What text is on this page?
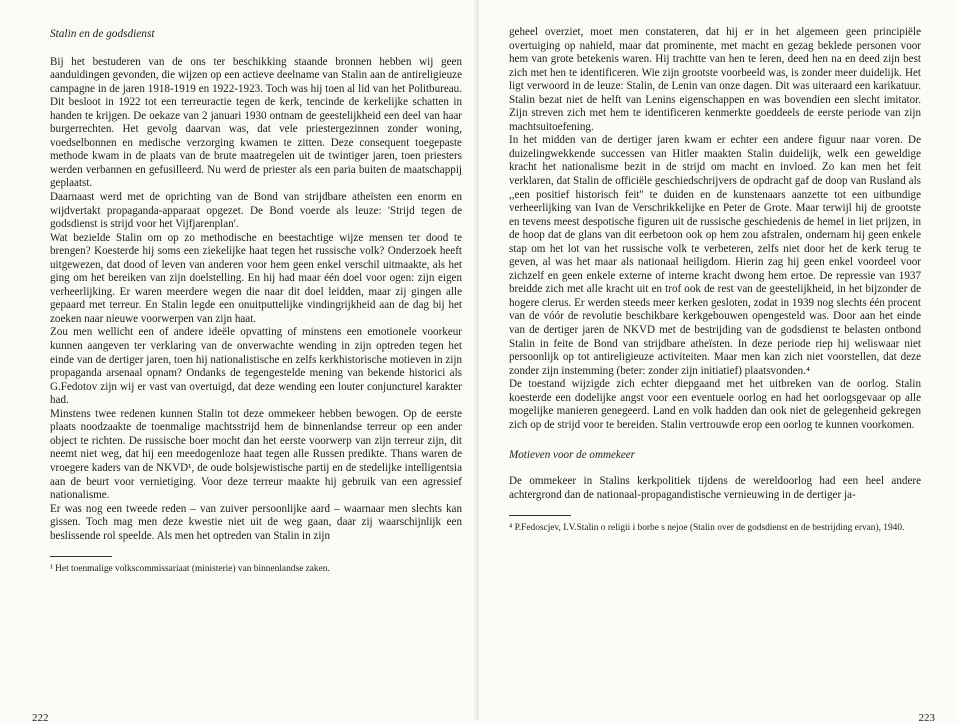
Stalin en de godsdienst

Bij het bestuderen van de ons ter beschikking staande bronnen hebben wij geen aanduidingen gevonden, die wijzen op een actieve deelname van Stalin aan de antireligieuze campagne in de jaren 1918-1919 en 1922-1923. Toch was hij toen al lid van het Politbureau. Dit besloot in 1922 tot een terreuractie tegen de kerk, tencinde de kerkelijke schatten in handen te krijgen. De oekaze van 2 januari 1930 ontnam de geestelijkheid een deel van haar burgerrechten. Het gevolg daarvan was, dat vele priestergezinnen zonder woning, voedselbonnen en medische verzorging kwamen te zitten. Deze consequent toegepaste methode kwam in de plaats van de brute maatregelen uit de twintiger jaren, toen priesters werden verbannen en gefusilleerd. Nu werd de priester als een paria buiten de maatschappij geplaatst.

Daarnaast werd met de oprichting van de Bond van strijdbare atheïsten een enorm en wijdvertakt propaganda-apparaat opgezet. De Bond voerde als leuze: 'Strijd tegen de godsdienst is strijd voor het Vijfjarenplan'.

Wat bezielde Stalin om op zo methodische en beestachtige wijze mensen ter dood te brengen? Koesterde hij soms een ziekelijke haat tegen het russische volk? Onderzoek heeft uitgewezen, dat dood of leven van anderen voor hem geen enkel verschil uitmaakte, als het ging om het bereiken van zijn doelstelling. En hij had maar één doel voor ogen: zijn eigen verheerlijking. Er waren meerdere wegen die naar dit doel leidden, maar zij gingen alle gepaard met terreur. En Stalin legde een onuitputtelijke vindingrijkheid aan de dag bij het zoeken naar nieuwe voorwerpen van zijn haat.

Zou men wellicht een of andere ideële opvatting of minstens een emotionele voorkeur kunnen aangeven ter verklaring van de onverwachte wending in zijn optreden tegen het einde van de dertiger jaren, toen hij nationalistische en zelfs kerkhistorische motieven in zijn propaganda arsenaal opnam? Ondanks de tegengestelde mening van bekende historici als G.Fedotov zijn wij er vast van overtuigd, dat deze wending een louter conjuncturel karakter had.

Minstens twee redenen kunnen Stalin tot deze ommekeer hebben bewogen. Op de eerste plaats noodzaakte de toenmalige machtsstrijd hem de binnenlandse terreur op een ander object te richten. De russische boer mocht dan het eerste voorwerp van zijn terreur zijn, dit neemt niet weg, dat hij een meedogenloze haat tegen alle Russen predikte. Thans waren de vroegere kaders van de NKVD¹, de oude bolsjewistische partij en de stedelijke intelligentsia aan de beurt voor vernietiging. Voor deze terreur maakte hij gebruik van een agressief nationalisme.

Er was nog een tweede reden – van zuiver persoonlijke aard – waarnaar men slechts kan gissen. Toch mag men deze kwestie niet uit de weg gaan, daar zij waarschijnlijk een beslissende rol speelde. Als men het optreden van Stalin in zijn

¹ Het toenmalige volkscommissariaat (ministerie) van binnenlandse zaken.
222

geheel overziet, moet men constateren, dat hij er in het algemeen geen principiële overtuiging op nahield, maar dat prominente, met macht en gezag beklede personen voor hem van grote betekenis waren. Hij trachtte van hen te leren, deed hen na en deed zijn best zich met hen te identificeren. Wie zijn grootste voorbeeld was, is zonder meer duidelijk. Het ligt verwoord in de leuze: Stalin, de Lenin van onze dagen. Dit was uiteraard een karikatuur. Stalin bezat niet de helft van Lenins eigenschappen en was bovendien een slecht imitator. Zijn streven zich met hem te identificeren kenmerkte goeddeels de eerste periode van zijn machtsuitoefening.

In het midden van de dertiger jaren kwam er echter een andere figuur naar voren. De duizelingwekkende successen van Hitler maakten Stalin duidelijk, welk een geweldige kracht het nationalisme bezit in de strijd om macht en invloed. Zo kan men het feit verklaren, dat Stalin de officiële geschiedschrijvers de opdracht gaf de doop van Rusland als ,,een positief historisch feit'' te duiden en de kunstenaars aanzette tot een uitbundige verheerlijking van Ivan de Verschrikkelijke en Peter de Grote. Maar terwijl hij de grootste en tevens meest despotische figuren uit de russische geschiedenis de hemel in liet prijzen, in de hoop dat de glans van dit eerbetoon ook op hem zou afstralen, ondernam hij geen enkele stap om het lot van het russische volk te verbeteren, zelfs niet door het de kerk terug te geven, al was het maar als nationaal heiligdom. Hierin zag hij geen enkel voordeel voor zichzelf en geen enkele externe of interne kracht dwong hem ertoe. De repressie van 1937 breidde zich met alle kracht uit en trof ook de rest van de geestelijkheid, in het bijzonder de hogere clerus. Er werden steeds meer kerken gesloten, zodat in 1939 nog slechts één procent van de vóór de revolutie beschikbare kerkgebouwen opengesteld was. Door aan het einde van de dertiger jaren de NKVD met de bestrijding van de godsdienst te belasten ontbond Stalin in feite de Bond van strijdbare atheïsten. In deze periode riep hij weliswaar niet persoonlijk op tot antireligieuze activiteiten. Maar men kan zich niet voorstellen, dat deze zonder zijn instemming (beter: zonder zijn initiatief) plaatsvonden.⁴

De toestand wijzigde zich echter diepgaand met het uitbreken van de oorlog. Stalin koesterde een dodelijke angst voor een eventuele oorlog en had het oorlogsgevaar op alle mogelijke manieren genegeerd. Land en volk hadden dan ook niet de gelegenheid gekregen zich op de strijd voor te bereiden. Stalin vertrouwde erop een oorlog te kunnen voorkomen.

Motieven voor de ommekeer

De ommekeer in Stalins kerkpolitiek tijdens de wereldoorlog had een heel andere achtergrond dan de nationaal-propagandistische vernieuwing in de dertiger ja-

⁴ P.Fedoscjev, I.V.Stalin o religii i borbe s nejoe (Stalin over de godsdienst en de bestrijding ervan), 1940.
223
